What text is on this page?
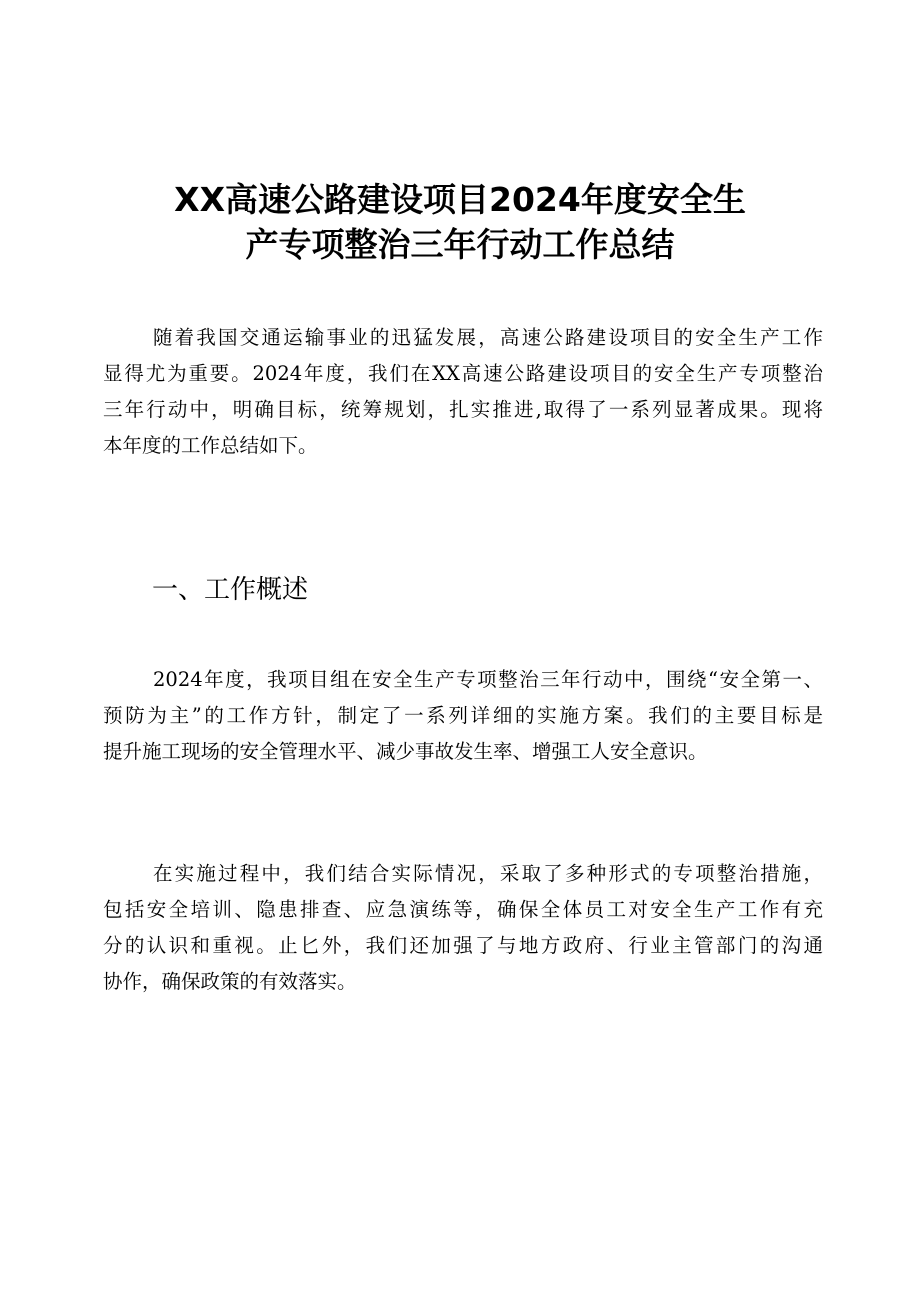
XX高速公路建设项目2024年度安全生
产专项整治三年行动工作总结
随着我国交通运输事业的迅猛发展，高速公路建设项目的安全生产工作
显得尤为重要。2024年度，我们在XX高速公路建设项目的安全生产专项整治
三年行动中，明确目标，统筹规划，扎实推进,取得了一系列显著成果。现将
本年度的工作总结如下。
一、工作概述
2024年度，我项目组在安全生产专项整治三年行动中，围绕“安全第一、
预防为主”的工作方针，制定了一系列详细的实施方案。我们的主要目标是
提升施工现场的安全管理水平、减少事故发生率、增强工人安全意识。
在实施过程中，我们结合实际情况，采取了多种形式的专项整治措施，
包括安全培训、隐患排查、应急演练等，确保全体员工对安全生产工作有充
分的认识和重视。止匕外，我们还加强了与地方政府、行业主管部门的沟通
协作，确保政策的有效落实。
